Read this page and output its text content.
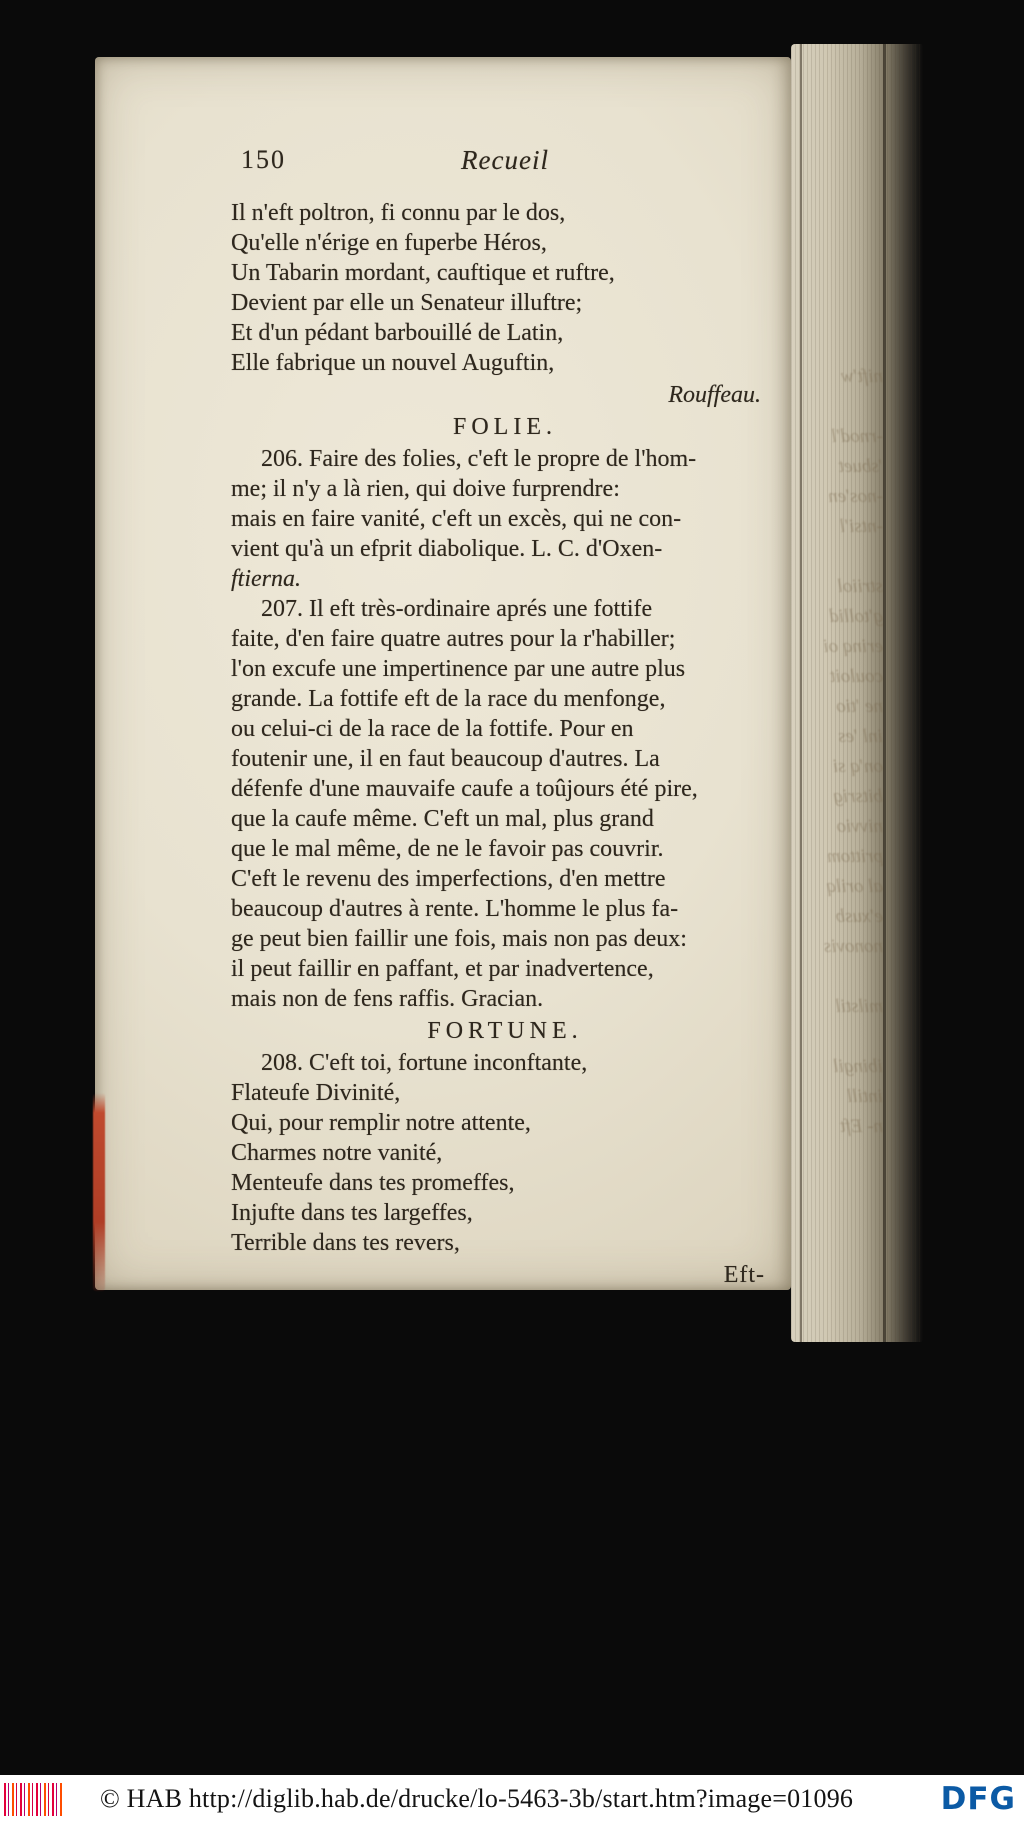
nift'w
-rnod'l
'sbuet
-nos'en
-ntsi'l
striiol
g'tollid
erinq oi
couloit
ne 'tio
inl 'es
on'q si
bitsrig
nivvio
prittom
al orilq
e'xusb
nonovis
milstil
ibingil
intill
n- Eft
150	Recueil
Il n'eft poltron, fi connu par le dos,
Qu'elle n'érige en fuperbe Héros,
Un Tabarin mordant, cauftique et ruftre,
Devient par elle un Senateur illuftre;
Et d'un pédant barbouillé de Latin,
Elle fabrique un nouvel Auguftin,
Rouffeau.
FOLIE.
206. Faire des folies, c'eft le propre de l'hom-
me; il n'y a là rien, qui doive furprendre:
mais en faire vanité, c'eft un excès, qui ne con-
vient qu'à un efprit diabolique. L. C. d'Oxen-
ftierna.
207. Il eft très-ordinaire aprés une fottife
faite, d'en faire quatre autres pour la r'habiller;
l'on excufe une impertinence par une autre plus
grande. La fottife eft de la race du menfonge,
ou celui-ci de la race de la fottife. Pour en
foutenir une, il en faut beaucoup d'autres. La
défenfe d'une mauvaife caufe a toûjours été pire,
que la caufe même. C'eft un mal, plus grand
que le mal même, de ne le favoir pas couvrir.
C'eft le revenu des imperfections, d'en mettre
beaucoup d'autres à rente. L'homme le plus fa-
ge peut bien faillir une fois, mais non pas deux:
il peut faillir en paffant, et par inadvertence,
mais non de fens raffis. Gracian.
FORTUNE.
208. C'eft toi, fortune inconftante,
Flateufe Divinité,
Qui, pour remplir notre attente,
Charmes notre vanité,
Menteufe dans tes promeffes,
Injufte dans tes largeffes,
Terrible dans tes revers,
Eft-
© HAB http://diglib.hab.de/drucke/lo-5463-3b/start.htm?image=01096	DFG
